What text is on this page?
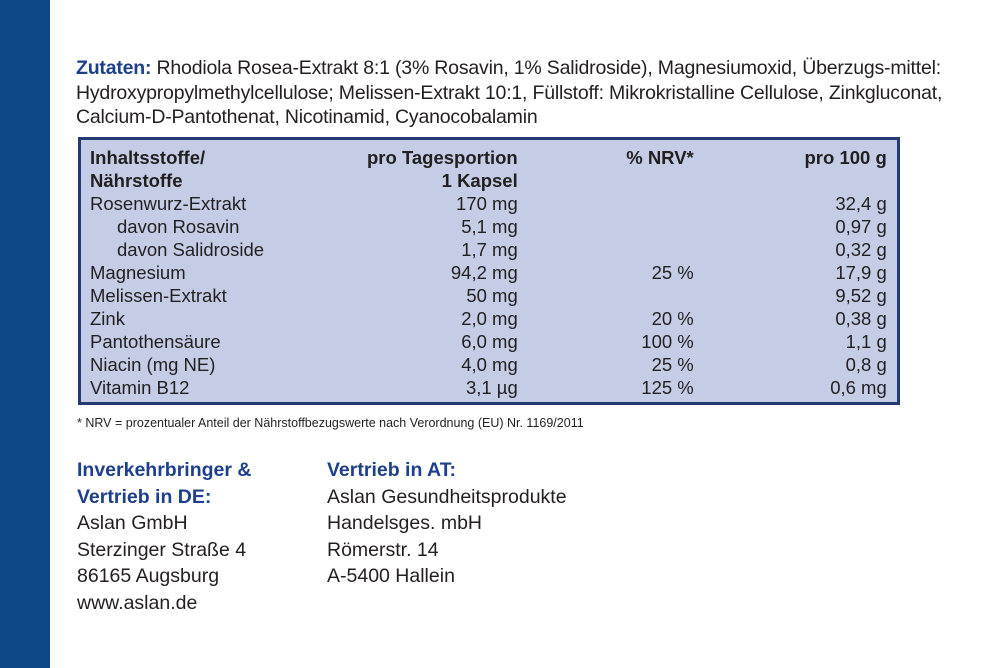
Zutaten: Rhodiola Rosea-Extrakt 8:1 (3% Rosavin, 1% Salidroside), Magnesiumoxid, Überzugs-mittel: Hydroxypropylmethylcellulose; Melissen-Extrakt 10:1, Füllstoff: Mikrokristalline Cellulose, Zinkgluconat, Calcium-D-Pantothenat, Nicotinamid, Cyanocobalamin
Inhaltsstoffe/	pro Tagesportion	% NRV*	pro 100 g
Nährstoffe	1 Kapsel		
Rosenwurz-Extrakt	170 mg		32,4 g
davon Rosavin	5,1 mg		0,97 g
davon Salidroside	1,7 mg		0,32 g
Magnesium	94,2 mg	25 %	17,9 g
Melissen-Extrakt	50 mg		9,52 g
Zink	2,0 mg	20 %	0,38 g
Pantothensäure	6,0 mg	100 %	1,1 g
Niacin (mg NE)	4,0 mg	25 %	0,8 g
Vitamin B12	3,1 µg	125 %	0,6 mg
* NRV = prozentualer Anteil der Nährstoffbezugswerte nach Verordnung (EU) Nr. 1169/2011
Inverkehrbringer &
Vertrieb in DE:
Aslan GmbH
Sterzinger Straße 4
86165 Augsburg
www.aslan.de
Vertrieb in AT:
Aslan Gesundheitsprodukte
Handelsges. mbH
Römerstr. 14
A-5400 Hallein
